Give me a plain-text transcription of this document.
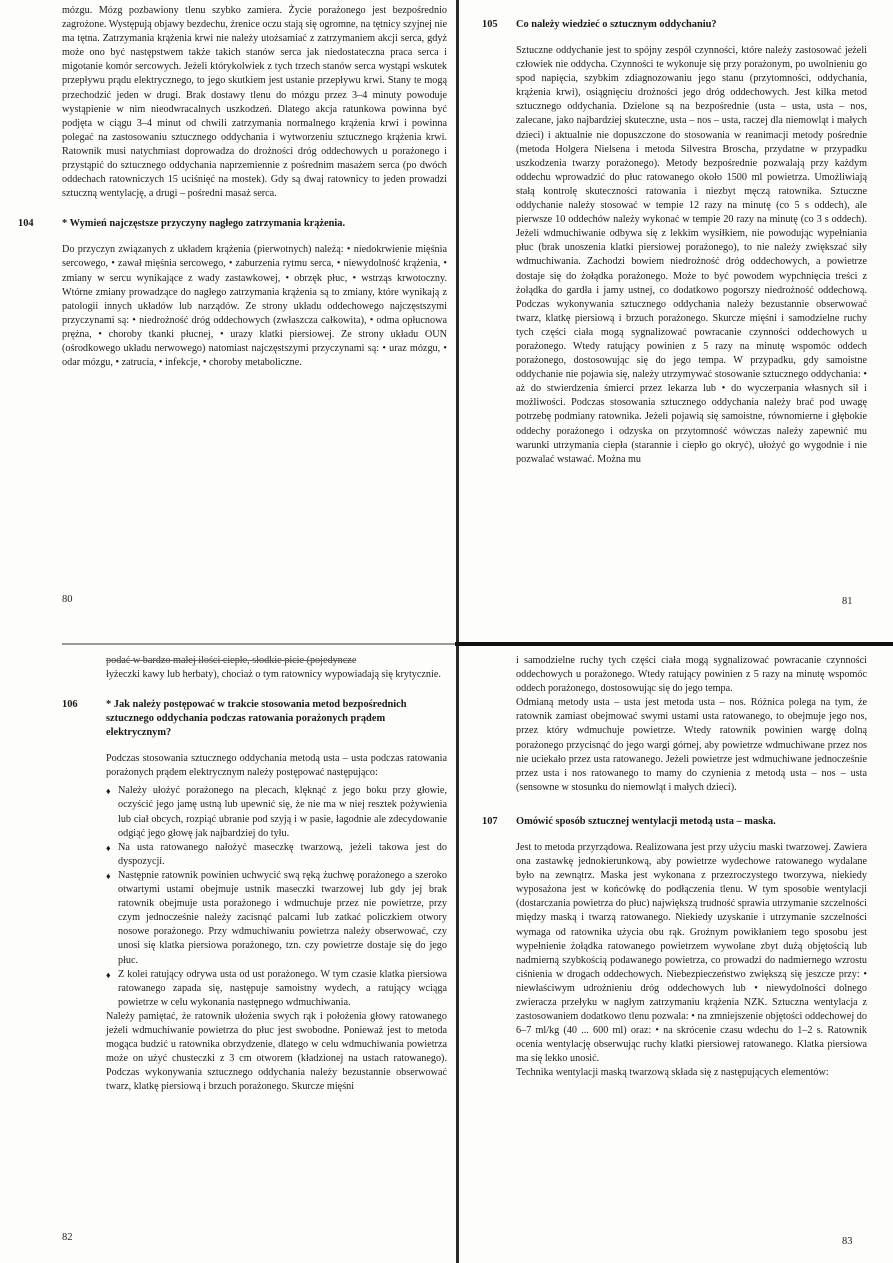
mózgu. Mózg pozbawiony tlenu szybko zamiera. Życie porażonego jest bezpośrednio zagrożone. Występują objawy bezdechu, źrenice oczu stają się ogromne, na tętnicy szyjnej nie ma tętna. Zatrzymania krążenia krwi nie należy utożsamiać z zatrzymaniem akcji serca, gdyż może ono być następstwem także takich stanów serca jak niedostateczna praca serca i migotanie komór sercowych. Jeżeli którykolwiek z tych trzech stanów serca wystąpi wskutek przepływu prądu elektrycznego, to jego skutkiem jest ustanie przepływu krwi. Stany te mogą przechodzić jeden w drugi. Brak dostawy tlenu do mózgu przez 3–4 minuty powoduje wystąpienie w nim nieodwracalnych uszkodzeń. Dlatego akcja ratunkowa powinna być podjęta w ciągu 3–4 minut od chwili zatrzymania normalnego krążenia krwi i powinna polegać na zastosowaniu sztucznego oddychania i wytworzeniu sztucznego krążenia krwi. Ratownik musi natychmiast doprowadza do drożności dróg oddechowych u porażonego i przystąpić do sztucznego oddychania naprzemiennie z pośrednim masażem serca (po dwóch oddechach ratowniczych 15 uciśnięć na mostek). Gdy są dwaj ratownicy to jeden prowadzi sztuczną wentylację, a drugi – pośredni masaż serca.

104	* Wymień najczęstsze przyczyny nagłego zatrzymania krążenia.

Do przyczyn związanych z układem krążenia (pierwotnych) należą: • niedokrwienie mięśnia sercowego, • zawał mięśnia sercowego, • zaburzenia rytmu serca, • niewydolność krążenia, • zmiany w sercu wynikające z wady zastawkowej, • obrzęk płuc, • wstrząs krwotoczny. Wtórne zmiany prowadzące do nagłego zatrzymania krążenia są to zmiany, które wynikają z patologii innych układów lub narządów. Ze strony układu oddechowego najczęstszymi przyczynami są: • niedrożność dróg oddechowych (zwłaszcza całkowita), • odma opłucnowa prężna, • choroby tkanki płucnej, • urazy klatki piersiowej. Ze strony układu OUN (ośrodkowego układu nerwowego) natomiast najczęstszymi przyczynami są: • uraz mózgu, • odar mózgu, • zatrucia, • infekcje, • choroby metaboliczne.

80
105	Co należy wiedzieć o sztucznym oddychaniu?

Sztuczne oddychanie jest to spójny zespół czynności, które należy zastosować jeżeli człowiek nie oddycha. Czynności te wykonuje się przy porażonym, po uwolnieniu go spod napięcia, szybkim zdiagnozowaniu jego stanu (przytomności, oddychania, krążenia krwi), osiągnięciu drożności jego dróg oddechowych. Jest kilka metod sztucznego oddychania. Dzielone są na bezpośrednie (usta – usta, usta – nos, zalecane, jako najbardziej skuteczne, usta – nos – usta, raczej dla niemowląt i małych dzieci) i aktualnie nie dopuszczone do stosowania w reanimacji metody pośrednie (metoda Holgera Nielsena i metoda Silvestra Broscha, przydatne w przypadku uszkodzenia twarzy porażonego). Metody bezpośrednie pozwalają przy każdym oddechu wprowadzić do płuc ratowanego około 1500 ml powietrza. Umożliwiają stałą kontrolę skuteczności ratowania i niezbyt męczą ratownika. Sztuczne oddychanie należy stosować w tempie 12 razy na minutę (co 5 s oddech), ale pierwsze 10 oddechów należy wykonać w tempie 20 razy na minutę (co 3 s oddech). Jeżeli wdmuchiwanie odbywa się z lekkim wysiłkiem, nie powodując wypełniania płuc (brak unoszenia klatki piersiowej porażonego), to nie należy zwiększać siły wdmuchiwania. Zachodzi bowiem niedrożność dróg oddechowych, a powietrze dostaje się do żołądka porażonego. Może to być powodem wypchnięcia treści z żołądka do gardła i jamy ustnej, co dodatkowo pogorszy niedrożność oddechową. Podczas wykonywania sztucznego oddychania należy bezustannie obserwować twarz, klatkę piersiową i brzuch porażonego. Skurcze mięśni i samodzielne ruchy tych części ciała mogą sygnalizować powracanie czynności oddechowych u porażonego. Wtedy ratujący powinien z 5 razy na minutę wspomóc oddech porażonego, dostosowując się do jego tempa. W przypadku, gdy samoistne oddychanie nie pojawia się, należy utrzymywać stosowanie sztucznego oddychania: • aż do stwierdzenia śmierci przez lekarza lub • do wyczerpania własnych sił i możliwości. Podczas stosowania sztucznego oddychania należy brać pod uwagę potrzebę podmiany ratownika. Jeżeli pojawią się samoistne, równomierne i głębokie oddechy porażonego i odzyska on przytomność wówczas należy zapewnić mu warunki utrzymania ciepła (starannie i ciepło go okryć), ułożyć go wygodnie i nie pozwalać wstawać. Można mu

81
podać w bardzo małej ilości ciepłe, słodkie picie (pojedyncze

łyżeczki kawy lub herbaty), chociaż o tym ratownicy wypowiadają się krytycznie.

106	* Jak należy postępować w trakcie stosowania metod bezpośrednich sztucznego oddychania podczas ratowania porażonych prądem elektrycznym?

Podczas stosowania sztucznego oddychania metodą usta – usta podczas ratowania porażonych prądem elektrycznym należy postępować następująco:

♦ Należy ułożyć porażonego na plecach, klęknąć z jego boku przy głowie, oczyścić jego jamę ustną lub upewnić się, że nie ma w niej resztek pożywienia lub ciał obcych, rozpiąć ubranie pod szyją i w pasie, łagodnie ale zdecydowanie odgiąć jego głowę jak najbardziej do tyłu.
♦ Na usta ratowanego nałożyć maseczkę twarzową, jeżeli takowa jest do dyspozycji.
♦ Następnie ratownik powinien uchwycić swą ręką żuchwę porażonego a szeroko otwartymi ustami obejmuje ustnik maseczki twarzowej lub gdy jej brak ratownik obejmuje usta porażonego i wdmuchuje przez nie powietrze, przy czym jednocześnie należy zacisnąć palcami lub zatkać policzkiem otwory nosowe porażonego. Przy wdmuchiwaniu powietrza należy obserwować, czy unosi się klatka piersiowa porażonego, tzn. czy powietrze dostaje się do jego płuc.
♦ Z kolei ratujący odrywa usta od ust porażonego. W tym czasie klatka piersiowa ratowanego zapada się, następuje samoistny wydech, a ratujący wciąga powietrze w celu wykonania następnego wdmuchiwania.

Należy pamiętać, że ratownik ułożenia swych rąk i położenia głowy ratowanego jeżeli wdmuchiwanie powietrza do płuc jest swobodne. Ponieważ jest to metoda mogąca budzić u ratownika obrzydzenie, dlatego w celu wdmuchiwania powietrza może on użyć chusteczki z 3 cm otworem (kładzionej na ustach ratowanego). Podczas wykonywania sztucznego oddychania należy bezustannie obserwować twarz, klatkę piersiową i brzuch porażonego. Skurcze mięśni

82

i samodzielne ruchy tych części ciała mogą sygnalizować powracanie czynności oddechowych u porażonego. Wtedy ratujący powinien z 5 razy na minutę wspomóc oddech porażonego, dostosowując się do jego tempa.

Odmianą metody usta – usta jest metoda usta – nos. Różnica polega na tym, że ratownik zamiast obejmować swymi ustami usta ratowanego, to obejmuje jego nos, przez który wdmuchuje powietrze. Wtedy ratownik powinien wargę dolną porażonego przycisnąć do jego wargi górnej, aby powietrze wdmuchiwane przez nos nie uciekało przez usta ratowanego. Jeżeli powietrze jest wdmuchiwane jednocześnie przez usta i nos ratowanego to mamy do czynienia z metodą usta – nos – usta (sensowne w stosunku do niemowląt i małych dzieci).

107	Omówić sposób sztucznej wentylacji metodą usta – maska.

Jest to metoda przyrządowa. Realizowana jest przy użyciu maski twarzowej. Zawiera ona zastawkę jednokierunkową, aby powietrze wydechowe ratowanego wydalane było na zewnątrz. Maska jest wykonana z przezroczystego tworzywa, niekiedy wyposażona jest w końcówkę do podłączenia tlenu. W tym sposobie wentylacji (dostarczania powietrza do płuc) największą trudność sprawia utrzymanie szczelności między maską i twarzą ratowanego. Niekiedy uzyskanie i utrzymanie szczelności wymaga od ratownika użycia obu rąk. Groźnym powikłaniem tego sposobu jest wypełnienie żołądka ratowanego powietrzem wywołane zbyt dużą objętością lub nadmierną szybkością podawanego powietrza, co prowadzi do nadmiernego wzrostu ciśnienia w drogach oddechowych. Niebezpieczeństwo zwiększą się jeszcze przy: • niewłaściwym udrożnieniu dróg oddechowych lub • niewydolności dolnego zwieracza przełyku w nagłym zatrzymaniu krążenia NZK. Sztuczna wentylacja z zastosowaniem dodatkowo tlenu pozwala: • na zmniejszenie objętości oddechowej do 6–7 ml/kg (40 ... 600 ml) oraz: • na skrócenie czasu wdechu do 1–2 s. Ratownik ocenia wentylację obserwując ruchy klatki piersiowej ratowanego. Klatka piersiowa ma się lekko unosić.

Technika wentylacji maską twarzową składa się z następujących elementów:

83
